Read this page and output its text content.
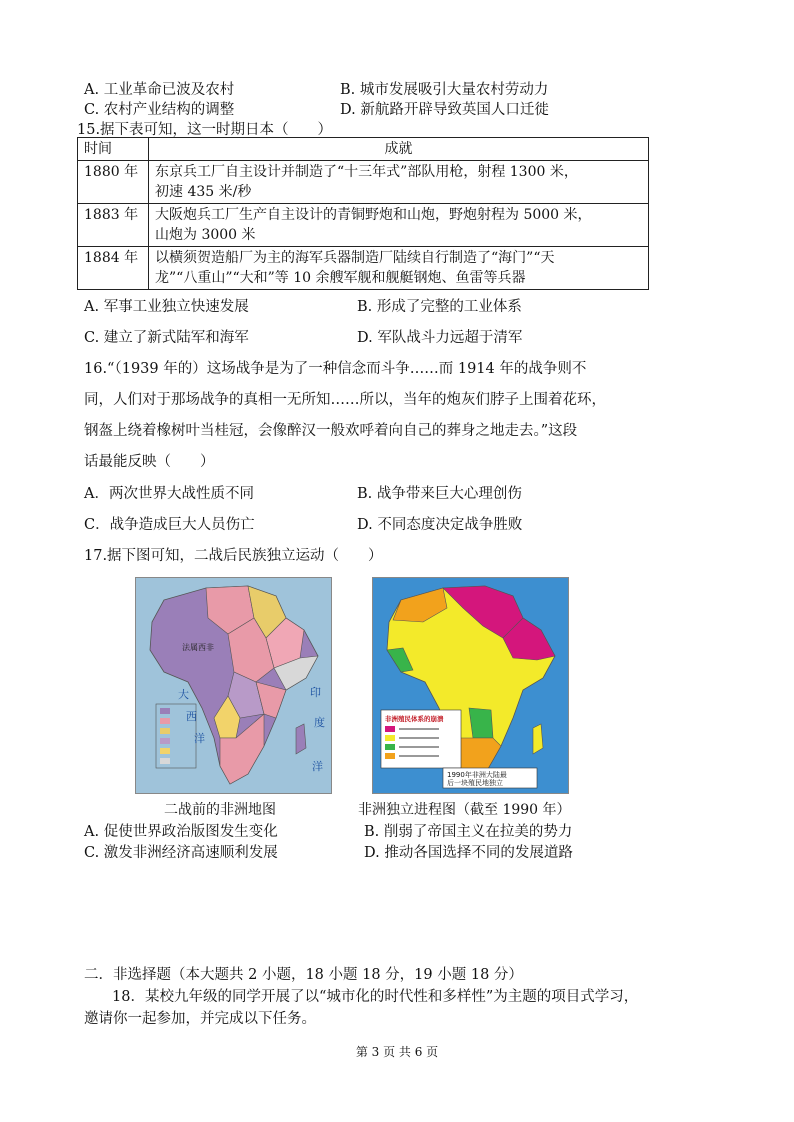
A. 工业革命已波及农村	B. 城市发展吸引大量农村劳动力
C. 农村产业结构的调整	D. 新航路开辟导致英国人口迁徙
15.据下表可知，这一时期日本（　　）
时间	成就
1880 年	东京兵工厂自主设计并制造了“十三年式”部队用枪，射程 1300 米，
初速 435 米/秒

1883 年	大阪炮兵工厂生产自主设计的青铜野炮和山炮，野炮射程为 5000 米，
山炮为 3000 米

1884 年	以横须贺造船厂为主的海军兵器制造厂陆续自行制造了“海门”“天
龙”“八重山”“大和”等 10 余艘军舰和舰艇钢炮、鱼雷等兵器
A. 军事工业独立快速发展	B. 形成了完整的工业体系
C. 建立了新式陆军和海军	D. 军队战斗力远超于清军
16.“（1939 年的）这场战争是为了一种信念而斗争……而 1914 年的战争则不
同，人们对于那场战争的真相一无所知……所以，当年的炮灰们脖子上围着花环，
钢盔上绕着橡树叶当桂冠，会像醉汉一般欢呼着向自己的葬身之地走去。”这段
话最能反映（　　）
A．两次世界大战性质不同	B. 战争带来巨大心理创伤
C．战争造成巨大人员伤亡	D. 不同态度决定战争胜败
17.据下图可知，二战后民族独立运动（　　）
法属西非
大
西
洋
印
度
洋
非洲殖民体系的崩溃
1990年非洲大陆最
后一块殖民地独立
二战前的非洲地图	非洲独立进程图（截至 1990 年）
A. 促使世界政治版图发生变化	B. 削弱了帝国主义在拉美的势力
C. 激发非洲经济高速顺利发展	D. 推动各国选择不同的发展道路
二．非选择题（本大题共 2 小题，18 小题 18 分，19 小题 18 分）
18．某校九年级的同学开展了以“城市化的时代性和多样性”为主题的项目式学习，
邀请你一起参加，并完成以下任务。
第 3 页 共 6 页
